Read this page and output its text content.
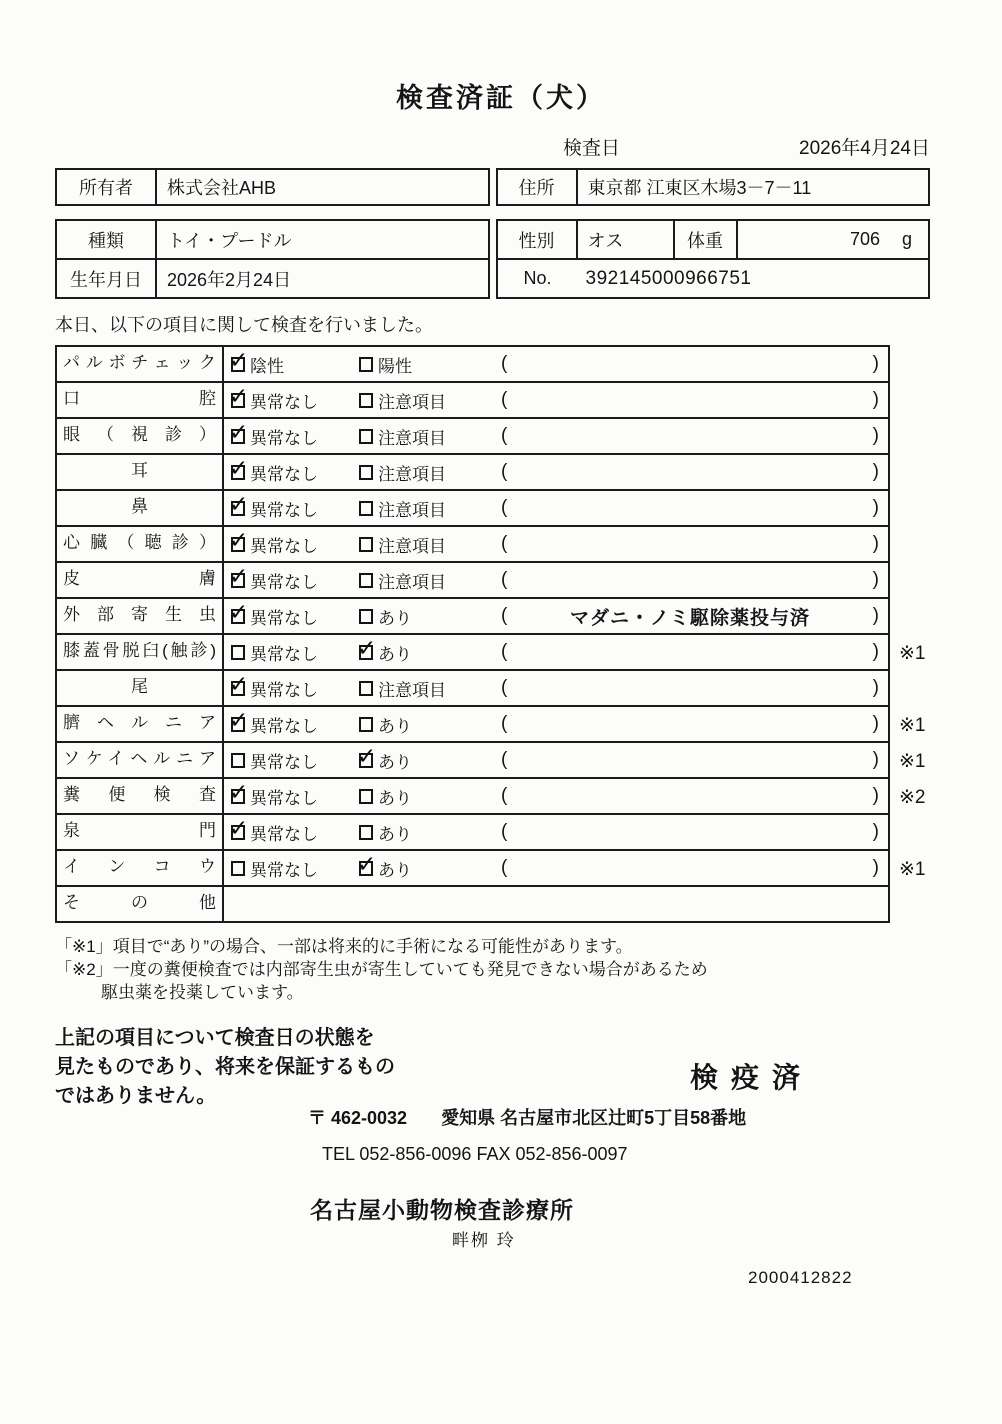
検査済証（犬）
検査日	2026年4月24日
所有者	株式会社AHB	住所	東京都 江東区木場3－7－11
種類	トイ・プードル
生年月日	2026年2月24日
性別	オス	体重	706 g
No.	392145000966751
本日、以下の項目に関して検査を行いました。
パルボチェック ✓	陰性	陽性	(	)
口腔 ✓	異常なし	注意項目	(	)
眼（視診） ✓	異常なし	注意項目	(	)
耳 ✓	異常なし	注意項目	(	)
鼻 ✓	異常なし	注意項目	(	)
心臓（聴診） ✓	異常なし	注意項目	(	)
皮膚 ✓	異常なし	注意項目	(	)
外部寄生虫 ✓	異常なし	あり	(	マダニ・ノミ駆除薬投与済	)
膝蓋骨脱臼(触診)	異常なし ✓	あり	(	)	※1
尾 ✓	異常なし	注意項目	(	)
臍ヘルニア ✓	異常なし	あり	(	)	※1
ソケイヘルニア	異常なし ✓	あり	(	)	※1
糞便検査 ✓	異常なし	あり	(	)	※2
泉門 ✓	異常なし	あり	(	)
インコウ	異常なし ✓	あり	(	)	※1
その他
「※1」項目で“あり”の場合、一部は将来的に手術になる可能性があります。
「※2」一度の糞便検査では内部寄生虫が寄生していても発見できない場合があるため
駆虫薬を投薬しています。
上記の項目について検査日の状態を
見たものであり、将来を保証するもの
ではありません。
検疫済
〒 462-0032 愛知県 名古屋市北区辻町5丁目58番地
TEL 052-856-0096 FAX 052-856-0097
名古屋小動物検査診療所
畔栁 玲
2000412822
